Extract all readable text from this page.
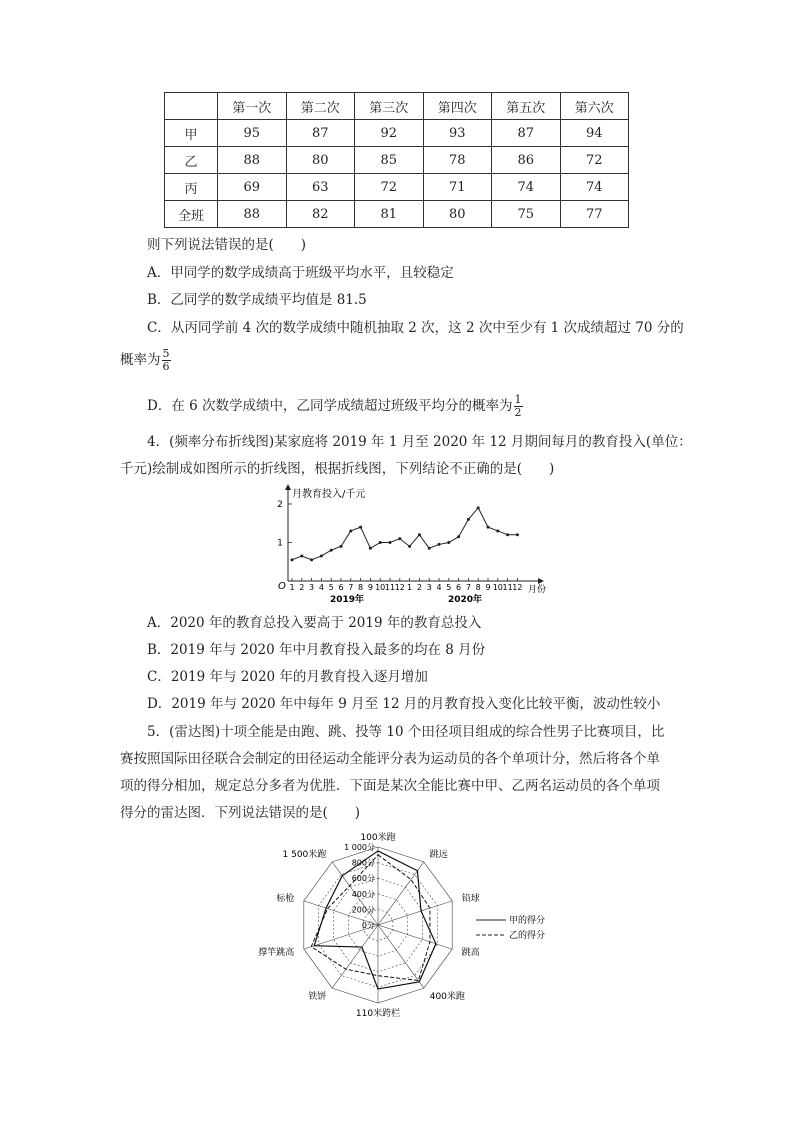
	第一次	第二次	第三次	第四次	第五次	第六次
甲	95	87	92	93	87	94
乙	88	80	85	78	86	72
丙	69	63	72	71	74	74
全班	88	82	81	80	75	77
则下列说法错误的是(　　)
A．甲同学的数学成绩高于班级平均水平，且较稳定
B．乙同学的数学成绩平均值是 81.5
C．从丙同学前 4 次的数学成绩中随机抽取 2 次，这 2 次中至少有 1 次成绩超过 70 分的
概率为 $\frac{5}{6}$
D．在 6 次数学成绩中，乙同学成绩超过班级平均分的概率为 $\frac{1}{2}$
4．(频率分布折线图)某家庭将 2019 年 1 月至 2020 年 12 月期间每月的教育投入(单位：
千元)绘制成如图所示的折线图，根据折线图，下列结论不正确的是(　　)
月教育投入/千元
月份
O 1 2 3 4 5 6 7 8 9 10 11 12 1 2 3 4 5 6 7 8 9 10 11 12
1
2
2019年	2020年
A．2020 年的教育总投入要高于 2019 年的教育总投入
B．2019 年与 2020 年中月教育投入最多的均在 8 月份
C．2019 年与 2020 年的月教育投入逐月增加
D．2019 年与 2020 年中每年 9 月至 12 月的月教育投入变化比较平衡，波动性较小
5．(雷达图)十项全能是由跑、跳、投等 10 个田径项目组成的综合性男子比赛项目，比
赛按照国际田径联合会制定的田径运动全能评分表为运动员的各个单项计分，然后将各个单
项的得分相加，规定总分多者为优胜．下面是某次全能比赛中甲、乙两名运动员的各个单项
得分的雷达图．下列说法错误的是(　　)
0分
200分
400分
600分
800分
1 000分
100米跑
跳远
铅球
跳高
400米跑
110米跨栏
铁饼
撑竿跳高
标枪
1 500米跑
甲的得分
乙的得分
